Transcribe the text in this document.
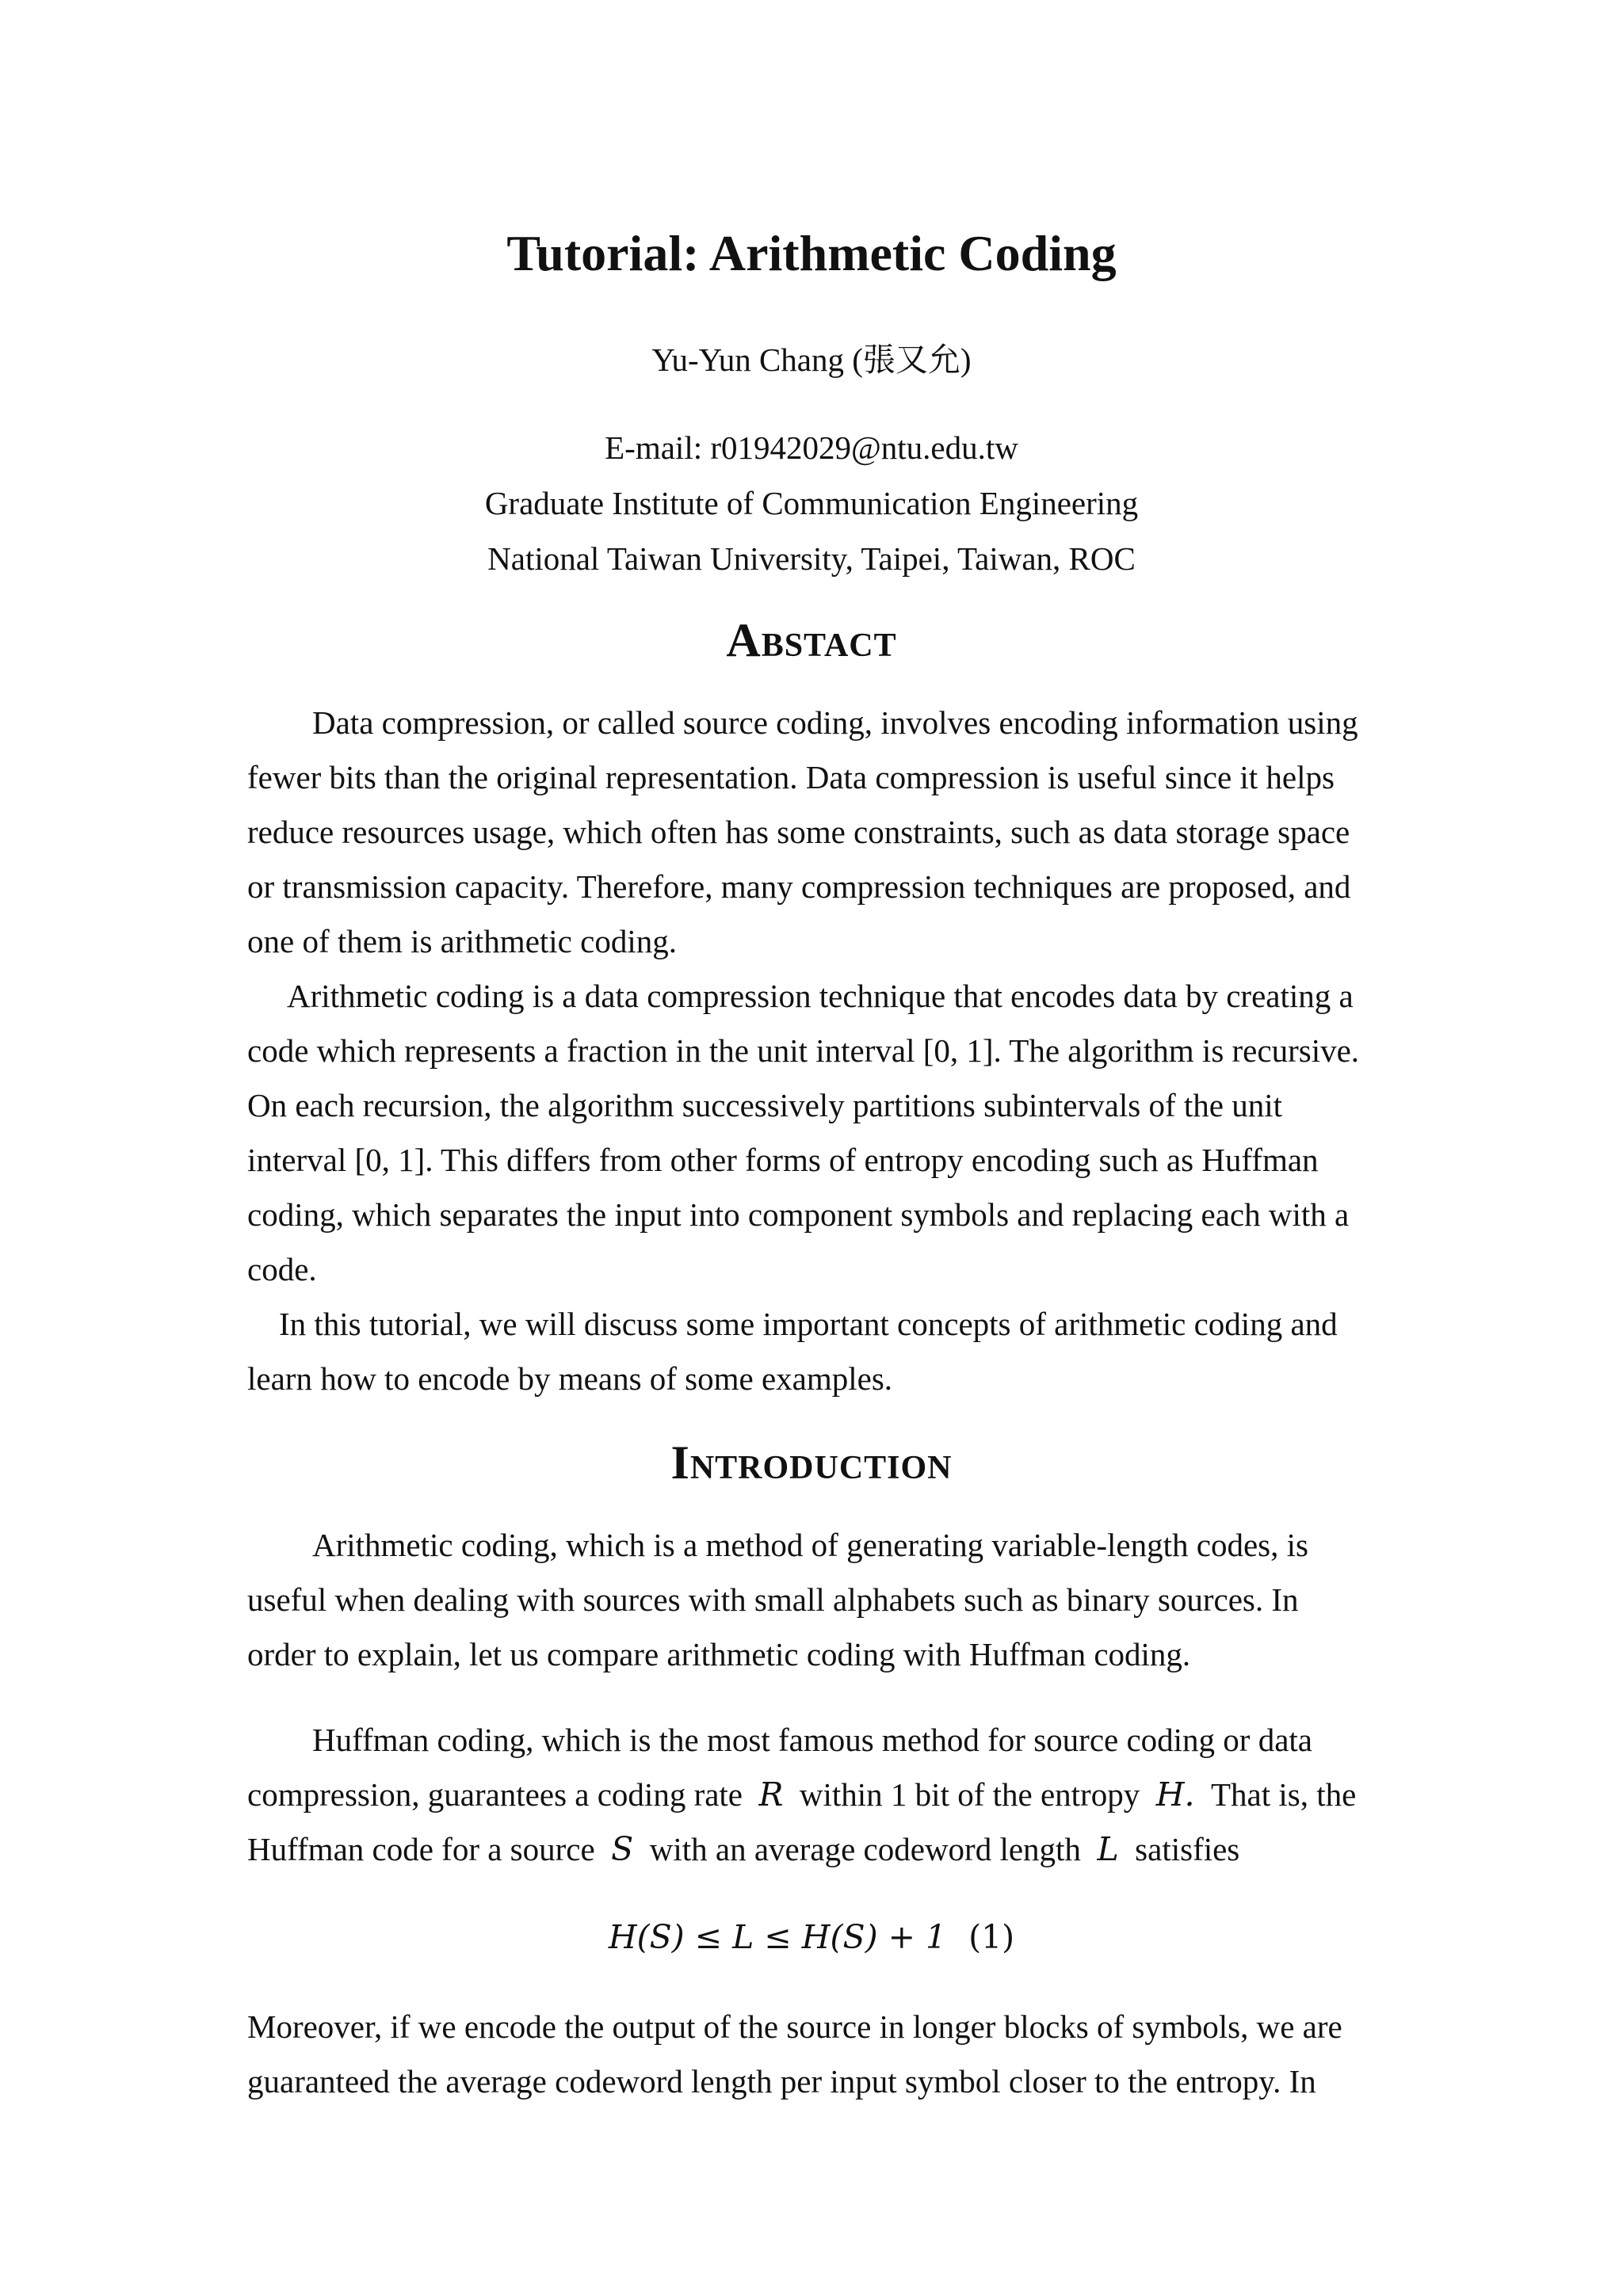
Tutorial: Arithmetic Coding
Yu-Yun Chang (張又允)
E-mail: r01942029@ntu.edu.tw
Graduate Institute of Communication Engineering
National Taiwan University, Taipei, Taiwan, ROC
Abstact
Data compression, or called source coding, involves encoding information using
fewer bits than the original representation. Data compression is useful since it helps
reduce resources usage, which often has some constraints, such as data storage space
or transmission capacity. Therefore, many compression techniques are proposed, and
one of them is arithmetic coding.
Arithmetic coding is a data compression technique that encodes data by creating a
code which represents a fraction in the unit interval [0, 1]. The algorithm is recursive.
On each recursion, the algorithm successively partitions subintervals of the unit
interval [0, 1]. This differs from other forms of entropy encoding such as Huffman
coding, which separates the input into component symbols and replacing each with a
code.
In this tutorial, we will discuss some important concepts of arithmetic coding and
learn how to encode by means of some examples.
Introduction
Arithmetic coding, which is a method of generating variable-length codes, is
useful when dealing with sources with small alphabets such as binary sources. In
order to explain, let us compare arithmetic coding with Huffman coding.
Huffman coding, which is the most famous method for source coding or data
compression, guarantees a coding rate R within 1 bit of the entropy H. That is, the
Huffman code for a source S with an average codeword length L satisfies
H(S) ≤ L ≤ H(S) + 1 (1)
Moreover, if we encode the output of the source in longer blocks of symbols, we are
guaranteed the average codeword length per input symbol closer to the entropy. In
